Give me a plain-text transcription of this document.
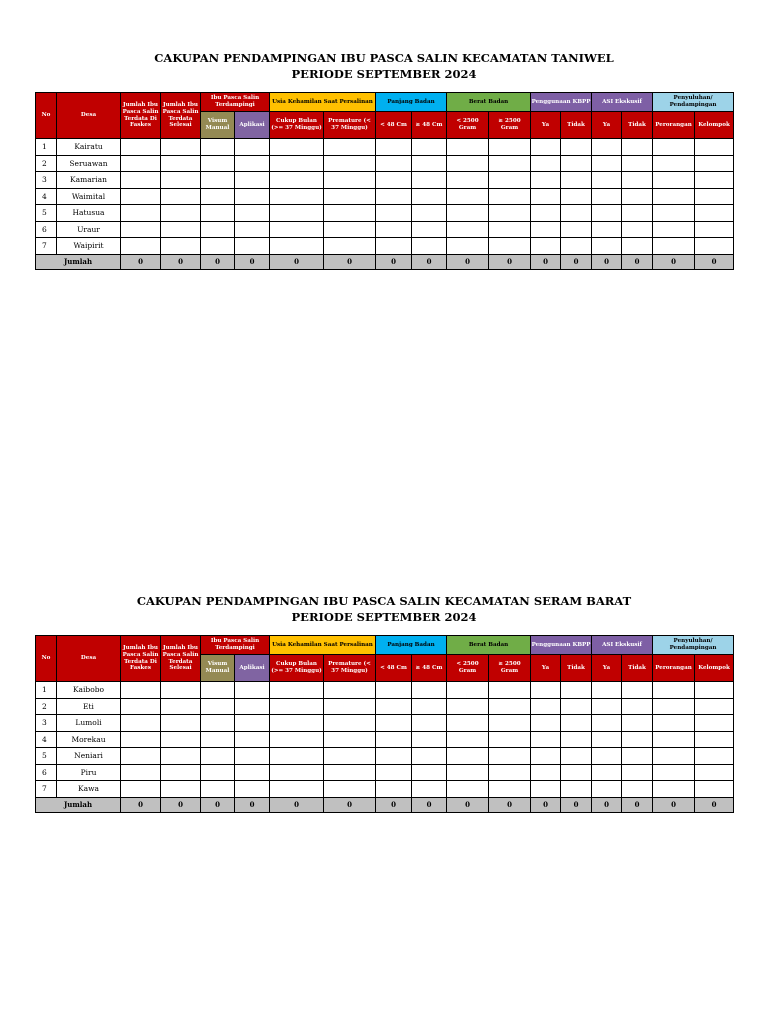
CAKUPAN PENDAMPINGAN IBU PASCA SALIN KECAMATAN TANIWEL
PERIODE SEPTEMBER 2024
No	Desa	Jumlah Ibu Pasca Salin Terdata Di Faskes	Jumlah Ibu Pasca Salin Terdata Selesai	Ibu Pasca Salin Terdampingi		Usia Kehamilan Saat Persalinan		Panjang Badan		Berat Badan		Penggunaan KBPP		ASI Ekskusif		Penyuluhan/ Pendampingan	
				Visum Manual	Aplikasi	Cukup Bulan (>= 37 Minggu)	Premature (< 37 Minggu)	< 48 Cm	≥ 48 Cm	< 2500 Gram	≥ 2500 Gram	Ya	Tidak	Ya	Tidak	Perorangan	Kelompok
1	Kairatu																
2	Seruawan																
3	Kamarian																
4	Waimital																
5	Hatusua																
6	Uraur																
7	Waipirit																
Jumlah		0	0	0	0	0	0	0	0	0	0	0	0	0	0	0	0
CAKUPAN PENDAMPINGAN IBU PASCA SALIN KECAMATAN SERAM BARAT
PERIODE SEPTEMBER 2024
No	Desa	Jumlah Ibu Pasca Salin Terdata Di Faskes	Jumlah Ibu Pasca Salin Terdata Selesai	Ibu Pasca Salin Terdampingi		Usia Kehamilan Saat Persalinan		Panjang Badan		Berat Badan		Penggunaan KBPP		ASI Ekskusif		Penyuluhan/ Pendampingan	
				Visum Manual	Aplikasi	Cukup Bulan (>= 37 Minggu)	Premature (< 37 Minggu)	< 48 Cm	≥ 48 Cm	< 2500 Gram	≥ 2500 Gram	Ya	Tidak	Ya	Tidak	Perorangan	Kelompok
1	Kaibobo																
2	Eti																
3	Lumoli																
4	Morekau																
5	Neniari																
6	Piru																
7	Kawa																
Jumlah		0	0	0	0	0	0	0	0	0	0	0	0	0	0	0	0
